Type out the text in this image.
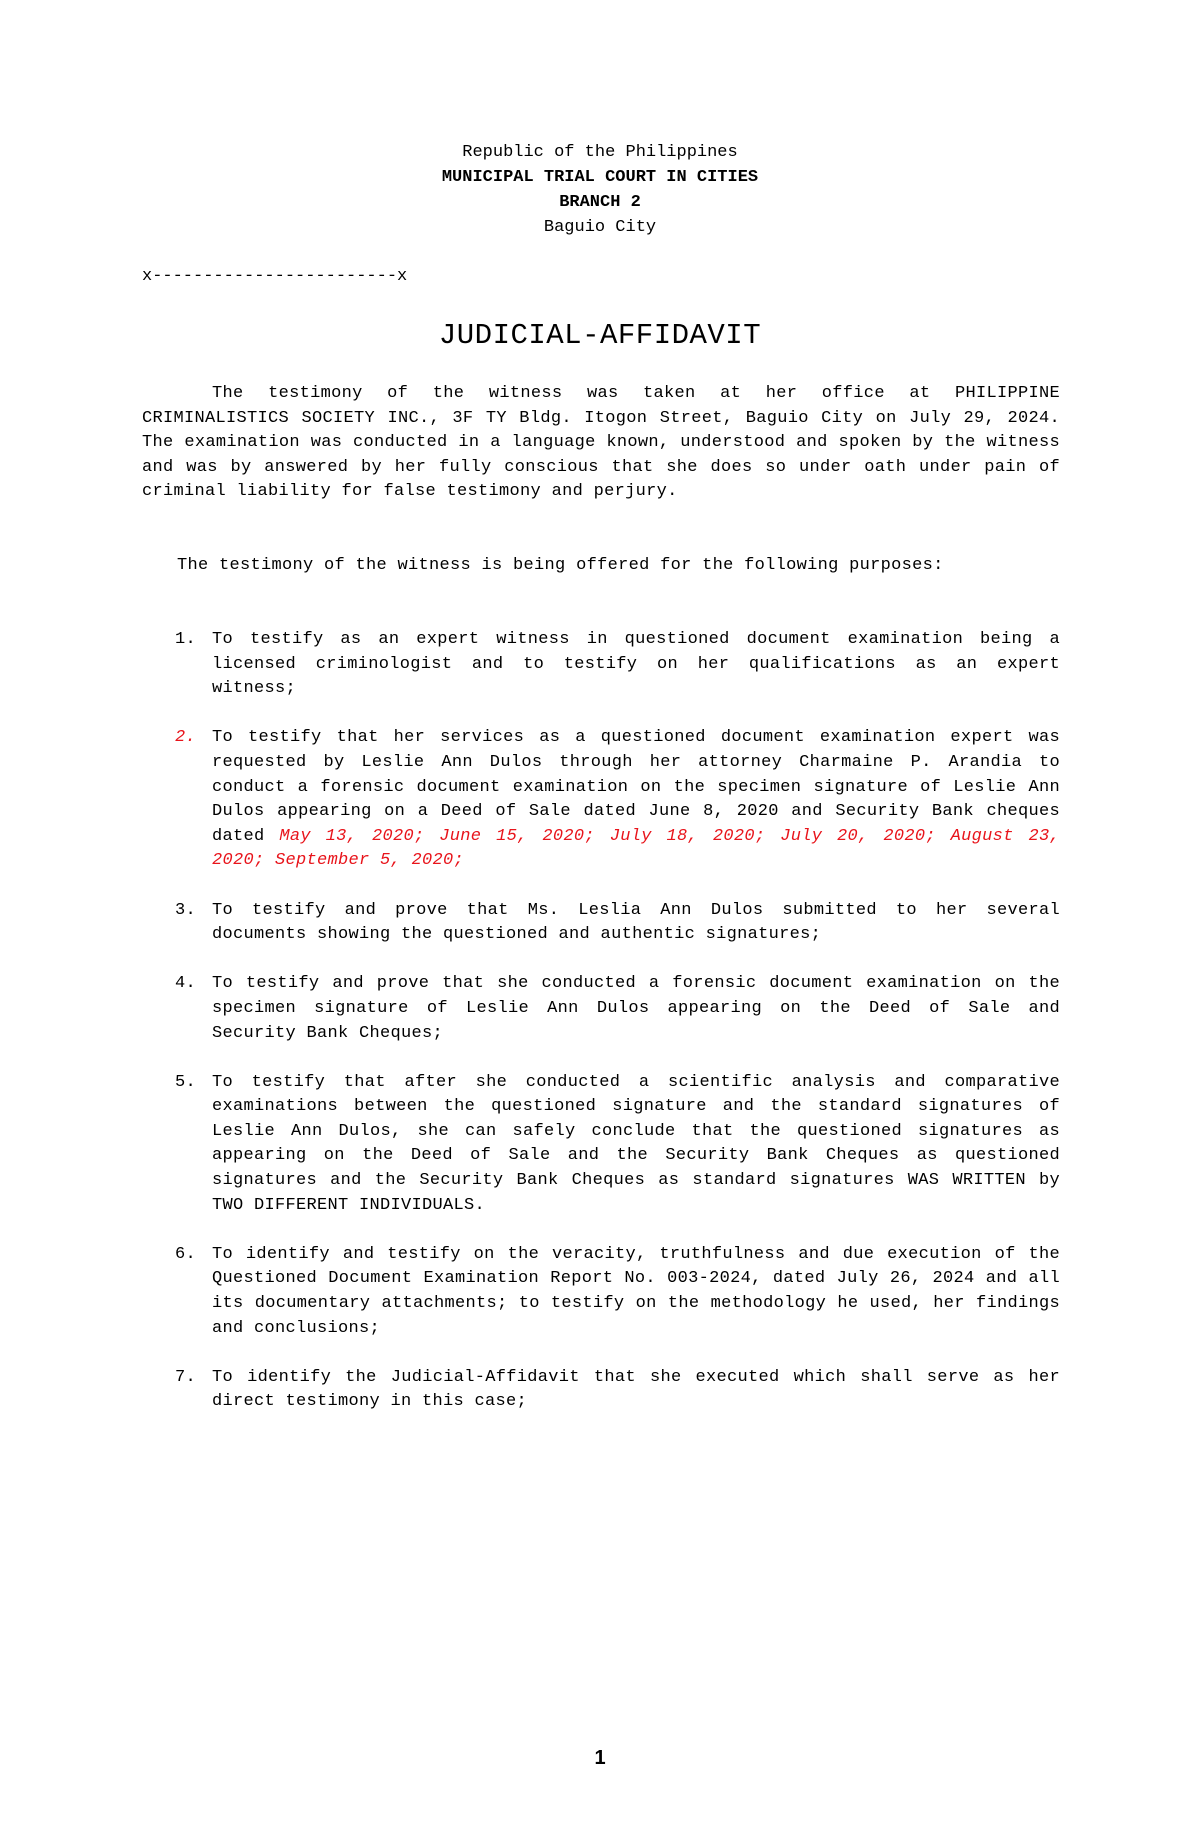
Republic of the Philippines
MUNICIPAL TRIAL COURT IN CITIES
BRANCH 2
Baguio City
x------------------------x
JUDICIAL-AFFIDAVIT
The testimony of the witness was taken at her office at PHILIPPINE CRIMINALISTICS SOCIETY INC., 3F TY Bldg. Itogon Street, Baguio City on July 29, 2024. The examination was conducted in a language known, understood and spoken by the witness and was by answered by her fully conscious that she does so under oath under pain of criminal liability for false testimony and perjury.
The testimony of the witness is being offered for the following purposes:
1. To testify as an expert witness in questioned document examination being a licensed criminologist and to testify on her qualifications as an expert witness;
2. To testify that her services as a questioned document examination expert was requested by Leslie Ann Dulos through her attorney Charmaine P. Arandia to conduct a forensic document examination on the specimen signature of Leslie Ann Dulos appearing on a Deed of Sale dated June 8, 2020 and Security Bank cheques dated May 13, 2020; June 15, 2020; July 18, 2020; July 20, 2020; August 23, 2020; September 5, 2020;
3. To testify and prove that Ms. Leslia Ann Dulos submitted to her several documents showing the questioned and authentic signatures;
4. To testify and prove that she conducted a forensic document examination on the specimen signature of Leslie Ann Dulos appearing on the Deed of Sale and Security Bank Cheques;
5. To testify that after she conducted a scientific analysis and comparative examinations between the questioned signature and the standard signatures of Leslie Ann Dulos, she can safely conclude that the questioned signatures as appearing on the Deed of Sale and the Security Bank Cheques as questioned signatures and the Security Bank Cheques as standard signatures WAS WRITTEN by TWO DIFFERENT INDIVIDUALS.
6. To identify and testify on the veracity, truthfulness and due execution of the Questioned Document Examination Report No. 003-2024, dated July 26, 2024 and all its documentary attachments; to testify on the methodology he used, her findings and conclusions;
7. To identify the Judicial-Affidavit that she executed which shall serve as her direct testimony in this case;
1
